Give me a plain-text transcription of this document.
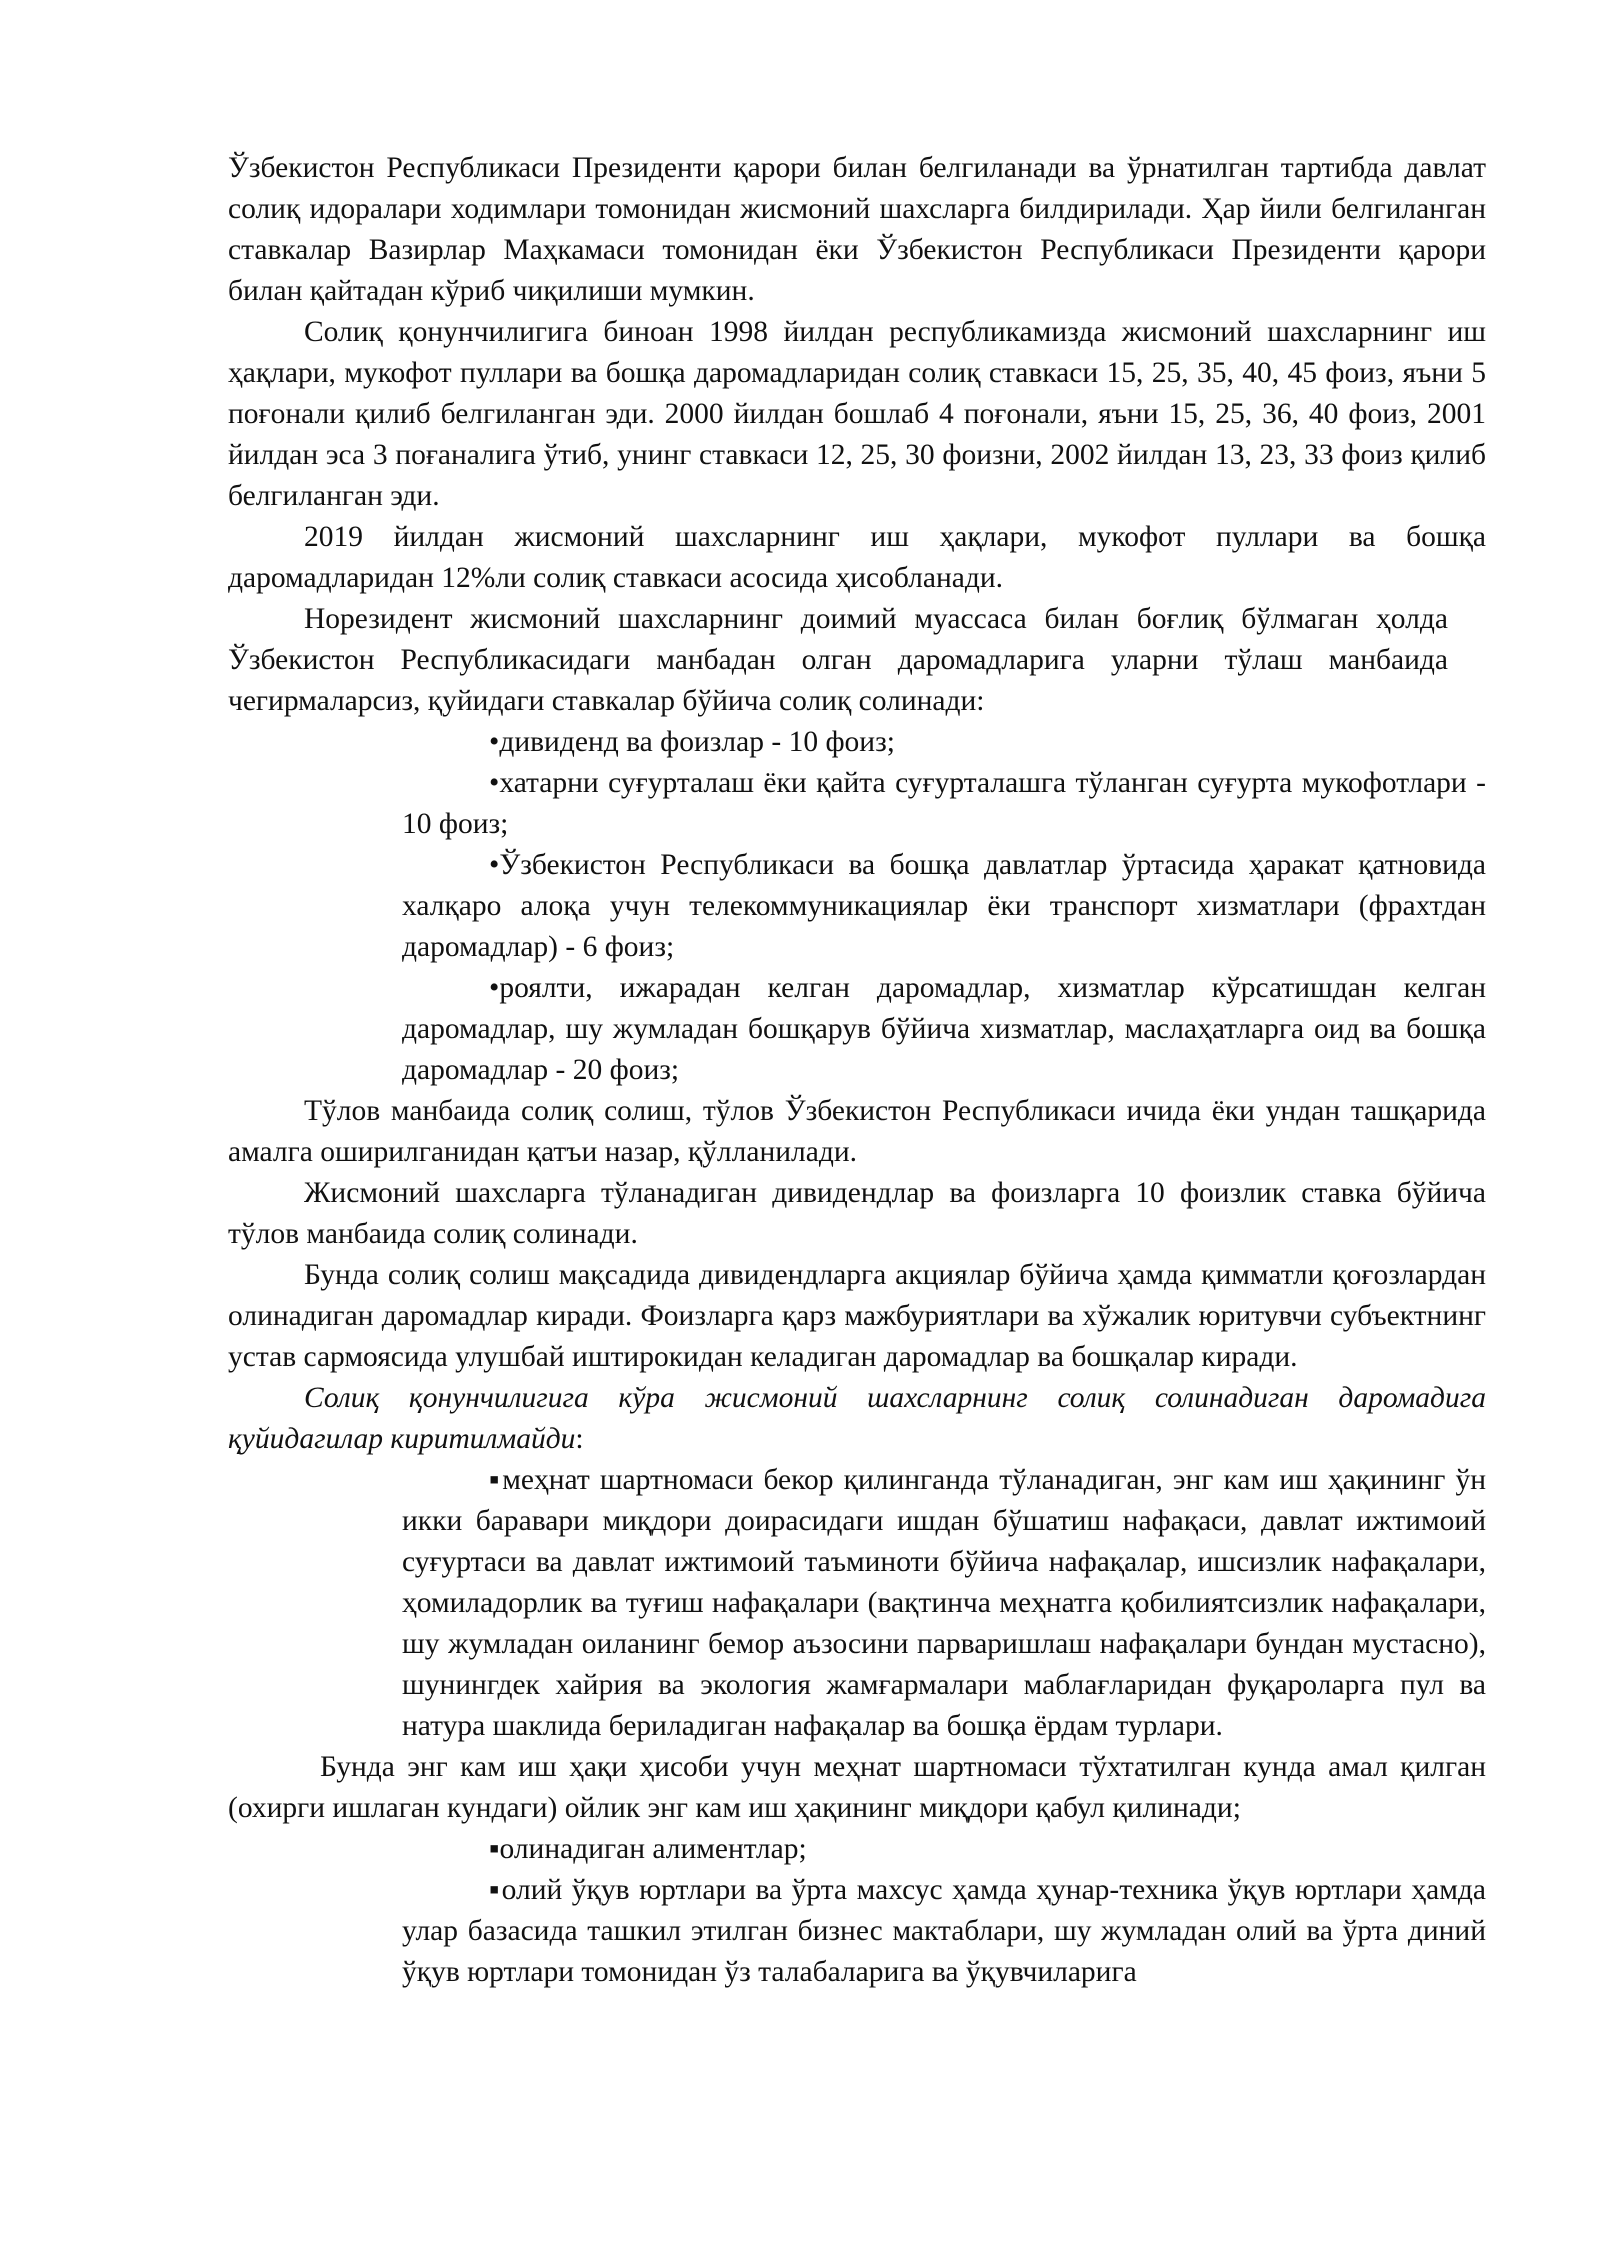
Ўзбекистон Республикаси Президенти қарори билан белгиланади ва ўрнатилган тартибда давлат солиқ идоралари ходимлари томонидан жисмоний шахсларга билдирилади. Ҳар йили белгиланган ставкалар Вазирлар Маҳкамаси томонидан ёки Ўзбекистон Республикаси Президенти қарори билан қайтадан кўриб чиқилиши мумкин.

Солиқ қонунчилигига биноан 1998 йилдан республикамизда жисмоний шахсларнинг иш ҳақлари, мукофот пуллари ва бошқа даромадларидан солиқ ставкаси 15, 25, 35, 40, 45 фоиз, яъни 5 поғонали қилиб белгиланган эди. 2000 йилдан бошлаб 4 поғонали, яъни 15, 25, 36, 40 фоиз, 2001 йилдан эса 3 поғаналига ўтиб, унинг ставкаси 12, 25, 30 фоизни, 2002 йилдан 13, 23, 33 фоиз қилиб белгиланган эди.

2019 йилдан жисмоний шахсларнинг иш ҳақлари, мукофот пуллари ва бошқа даромадларидан 12%ли солиқ ставкаси асосида ҳисобланади.

Норезидент жисмоний шахсларнинг доимий муассаса билан боғлиқ бўлмаган ҳолда Ўзбекистон Республикасидаги манбадан олган даромадларига уларни тўлаш манбаида чегирмаларсиз, қуйидаги ставкалар бўйича солиқ солинади:

•дивиденд ва фоизлар - 10 фоиз;
•хатарни суғурталаш ёки қайта суғурталашга тўланган суғурта мукофотлари - 10 фоиз;
•Ўзбекистон Республикаси ва бошқа давлатлар ўртасида ҳаракат қатновида халқаро алоқа учун телекоммуникациялар ёки транспорт хизматлари (фрахтдан даромадлар) - 6 фоиз;
•роялти, ижарадан келган даромадлар, хизматлар кўрсатишдан келган даромадлар, шу жумладан бошқарув бўйича хизматлар, маслаҳатларга оид ва бошқа даромадлар - 20 фоиз;

Тўлов манбаида солиқ солиш, тўлов Ўзбекистон Республикаси ичида ёки ундан ташқарида амалга оширилганидан қатъи назар, қўлланилади.

Жисмоний шахсларга тўланадиган дивидендлар ва фоизларга 10 фоизлик ставка бўйича тўлов манбаида солиқ солинади.

Бунда солиқ солиш мақсадида дивидендларга акциялар бўйича ҳамда қимматли қоғозлардан олинадиган даромадлар киради. Фоизларга қарз мажбуриятлари ва хўжалик юритувчи субъектнинг устав сармоясида улушбай иштирокидан келадиган даромадлар ва бошқалар киради.

Солиқ қонунчилигига кўра жисмоний шахсларнинг солиқ солинадиган даромадига қуйидагилар киритилмайди:

▪меҳнат шартномаси бекор қилинганда тўланадиган, энг кам иш ҳақининг ўн икки баравари миқдори доирасидаги ишдан бўшатиш нафақаси, давлат ижтимоий суғуртаси ва давлат ижтимоий таъминоти бўйича нафақалар, ишсизлик нафақалари, ҳомиладорлик ва туғиш нафақалари (вақтинча меҳнатга қобилиятсизлик нафақалари, шу жумладан оиланинг бемор аъзосини парваришлаш нафақалари бундан мустасно), шунингдек хайрия ва экология жамғармалари маблағларидан фуқароларга пул ва натура шаклида бериладиган нафақалар ва бошқа ёрдам турлари.

Бунда энг кам иш ҳақи ҳисоби учун меҳнат шартномаси тўхтатилган кунда амал қилган (охирги ишлаган кундаги) ойлик энг кам иш ҳақининг миқдори қабул қилинади;

▪олинадиган алиментлар;
▪олий ўқув юртлари ва ўрта махсус ҳамда ҳунар-техника ўқув юртлари ҳамда улар базасида ташкил этилган бизнес мактаблари, шу жумладан олий ва ўрта диний ўқув юртлари томонидан ўз талабаларига ва ўқувчиларига
